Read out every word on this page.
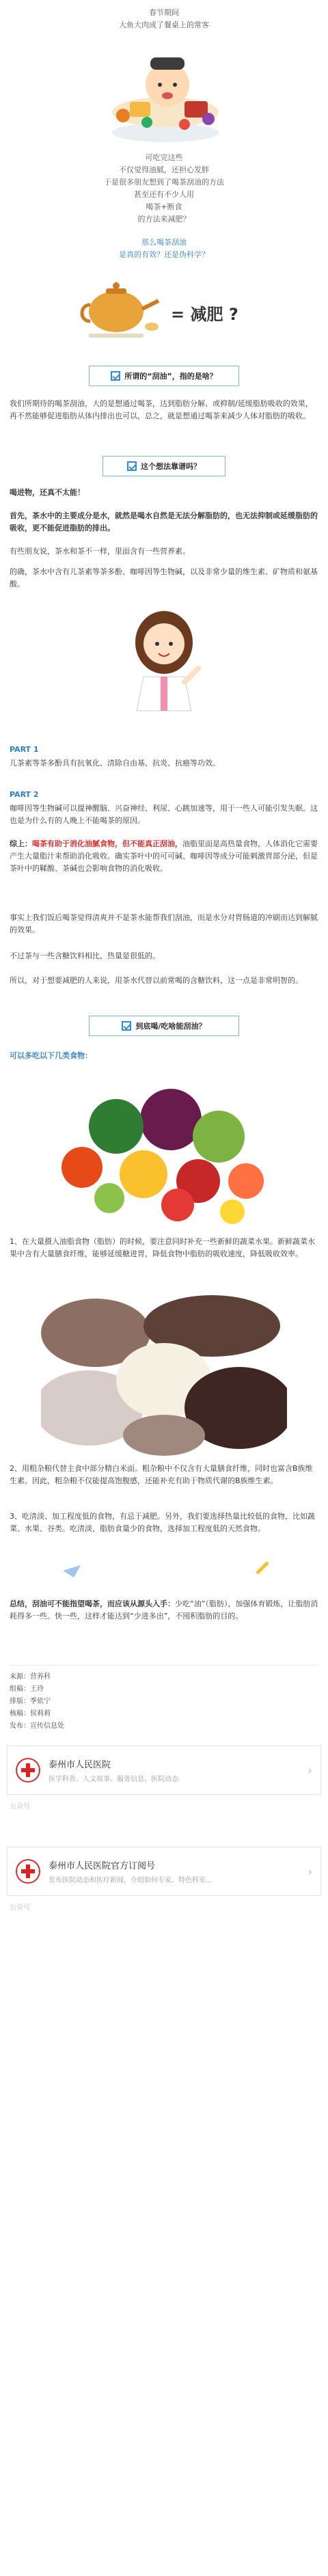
春节期间
大鱼大肉成了餐桌上的常客
可吃完这些
不仅觉得油腻，还担心发胖
于是很多朋友想到了喝茶刮油的方法
甚至还有不少人用
喝茶+断食
的方法来减肥？
那么喝茶刮油
是真的有效？还是伪科学？
= 减肥 ?
所谓的“刮油”，指的是啥？
我们所期待的喝茶刮油，大的是想通过喝茶，达到脂肪分解、或抑制/延缓脂肪吸收的效果，再不然能够促进脂肪从体内排出也可以，总之，就是想通过喝茶来减少人体对脂肪的吸收。
这个想法靠谱吗？
喝进物，还真不太能！
首先，茶水中的主要成分是水，就然是喝水自然是无法分解脂肪的，也无法抑制或延缓脂肪的吸收，更不能促进脂肪的排出。
有些朋友说，茶水和茶不一样，里面含有一些营养素。
的确，茶水中含有儿茶素等茶多酚、咖啡因等生物碱，以及非常少量的维生素、矿物质和氨基酸。
PART 1
儿茶素等茶多酚具有抗氧化、清除自由基、抗炎、抗癌等功效。
PART 2
咖啡因等生物碱可以提神醒脑、兴奋神经、利尿、心跳加速等，用于一些人可能引发失眠。这也是为什么有的人晚上不能喝茶的原因。
综上：喝茶有助于消化油腻食物，但不能真正刮油，油脂里面是高热量食物，人体消化它需要产生大量脂汁来帮助消化吸收。确实茶叶中的可可碱、咖啡因等成分可能刺激胃部分泌，但是茶叶中的鞣酸、茶碱也会影响食物的消化吸收。
事实上我们饭后喝茶觉得清爽并不是茶水能帮我们刮油，而是水分对胃肠道的冲刷而达到解腻的效果。
不过茶与一些含糖饮料相比，热量是很低的。
所以，对于想要减肥的人来说，用茶水代替以前常喝的含糖饮料，这一点是非常明智的。
到底喝/吃啥能刮油？
可以多吃以下几类食物：
1、在大量摄入油脂食物（脂肪）的时候，要注意同时补充一些新鲜的蔬菜水果。新鲜蔬菜水果中含有大量膳食纤维，能够延缓糖进胃，降低食物中脂肪的吸收速度，降低吸收效率。
2、用粗杂粮代替主食中部分精白米面。粗杂粮中不仅含有大量膳食纤维，同时也富含B族维生素。因此，粗杂粮不仅能提高饱腹感，还能补充有助于物质代谢的B族维生素。
3、吃清淡、加工程度低的食物，有忌于减肥。另外，我们要选择热量比较低的食物，比如蔬菜、水果、谷类。吃清淡、脂肪食量少的食物，选择加工程度低的天然食物。
总结，刮油可不能指望喝茶，而应该从源头入手：少吃“油”（脂肪），加强体育锻炼，让脂肪消耗得多一些。快一些，这样才能达到“少进多出”，不囤积脂肪的目的。
来源：营养科
组稿：王玲
排版：季依宁
核稿：侯莉莉
发布：宣传信息处
泰州市人民医院
医学科普、人文故事、服务信息、医院动态
›
公众号
泰州市人民医院官方订阅号
发布医院动态和医疗新闻，介绍如何专家、特色科室...
›
公众号
